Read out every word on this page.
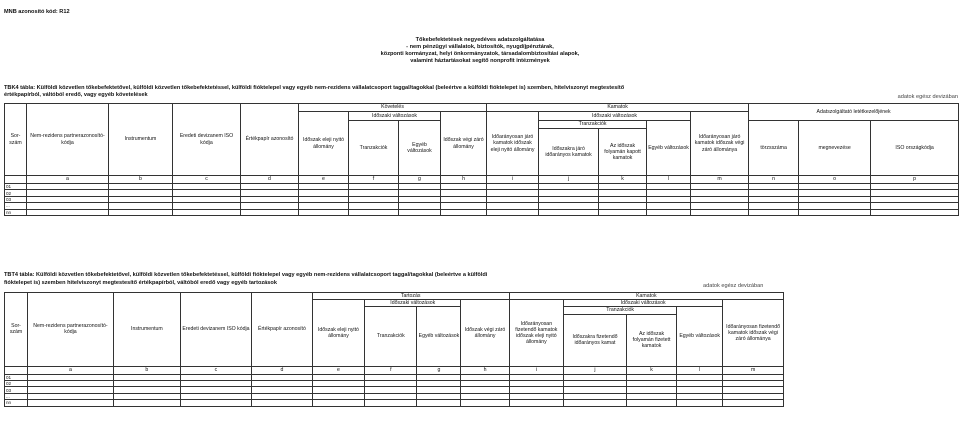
MNB azonosító kód: R12
Tőkebefektetések negyedéves adatszolgáltatása
- nem pénzügyi vállalatok, biztosítók, nyugdíjpénztárak,
központi kormányzat, helyi önkormányzatok, társadalombiztosítási alapok,
valamint háztartásokat segítő nonprofit intézmények
TBK4 tábla: Külföldi közvetlen tőkebefektetővel, külföldi közvetlen tőkebefektetéssel, külföldi fióktelepel vagy egyéb nem-rezidens vállalatcsoport taggal/tagokkal (beleértve a külföldi fióktelepet is) szemben, hitelviszonyt megtestesítő
értékpapírból, váltóból eredő, vagy egyéb követelések	adatok egész devizában
Sor-szám	Nem-rezidens partnerazonosító-kódja	Instrumentum	Eredeti devizanem ISO kódja	Értékpapír azonosító	Követelés				Kamatok					Adatszolgáltató letétkezelőjének		
					Időszak eleji nyitó állomány	Időszaki változások		Időszak végi záró állomány	Időarányosan járó kamatok időszak eleji nyitó állomány	Időszaki változások			Időarányosan járó kamatok időszak végi záró állománya			
						Tranzakciók	Egyéb változások			Tranzakciók		Egyéb változások		törzsszáma	megnevezése	ISO országkódja
										Időszakra járó időarányos kamatok	Az időszak folyamán kapott kamatok					
	a	b	c	d	e	f	g	h	i	j	k	l	m	n	o	p
01																
02																
03																
...																
nn																
TBT4 tábla: Külföldi közvetlen tőkebefektetővel, külföldi közvetlen tőkebefektetéssel, külföldi fióktelepel vagy egyéb nem-rezidens vállalatcsoport taggal/tagokkal (beleértve a külföldi
fióktelepet is) szemben hitelviszonyt megtestesítő értékpapírból, váltóból eredő vagy egyéb tartozások	adatok egész devizában
Sor-szám	Nem-rezidens partnerazonosító-kódja	Instrumentum	Eredeti devizanem ISO kódja	Értékpapír azonosító	Tartozás				Kamatok				
					Időszak eleji nyitó állomány	Időszaki változások		Időszak végi záró állomány	Időarányosan fizetendő kamatok időszak eleji nyitó állomány	Időszaki változások			Időarányosan fizetendő kamatok időszak végi záró állománya
						Tranzakciók	Egyéb változások			Tranzakciók		Egyéb változások	
										Időszakra fizetendő időarányos kamat	Az időszak folyamán fizetett kamatok		
	a	b	c	d	e	f	g	h	i	j	k	l	m
01													
02													
03													
...													
nn													
